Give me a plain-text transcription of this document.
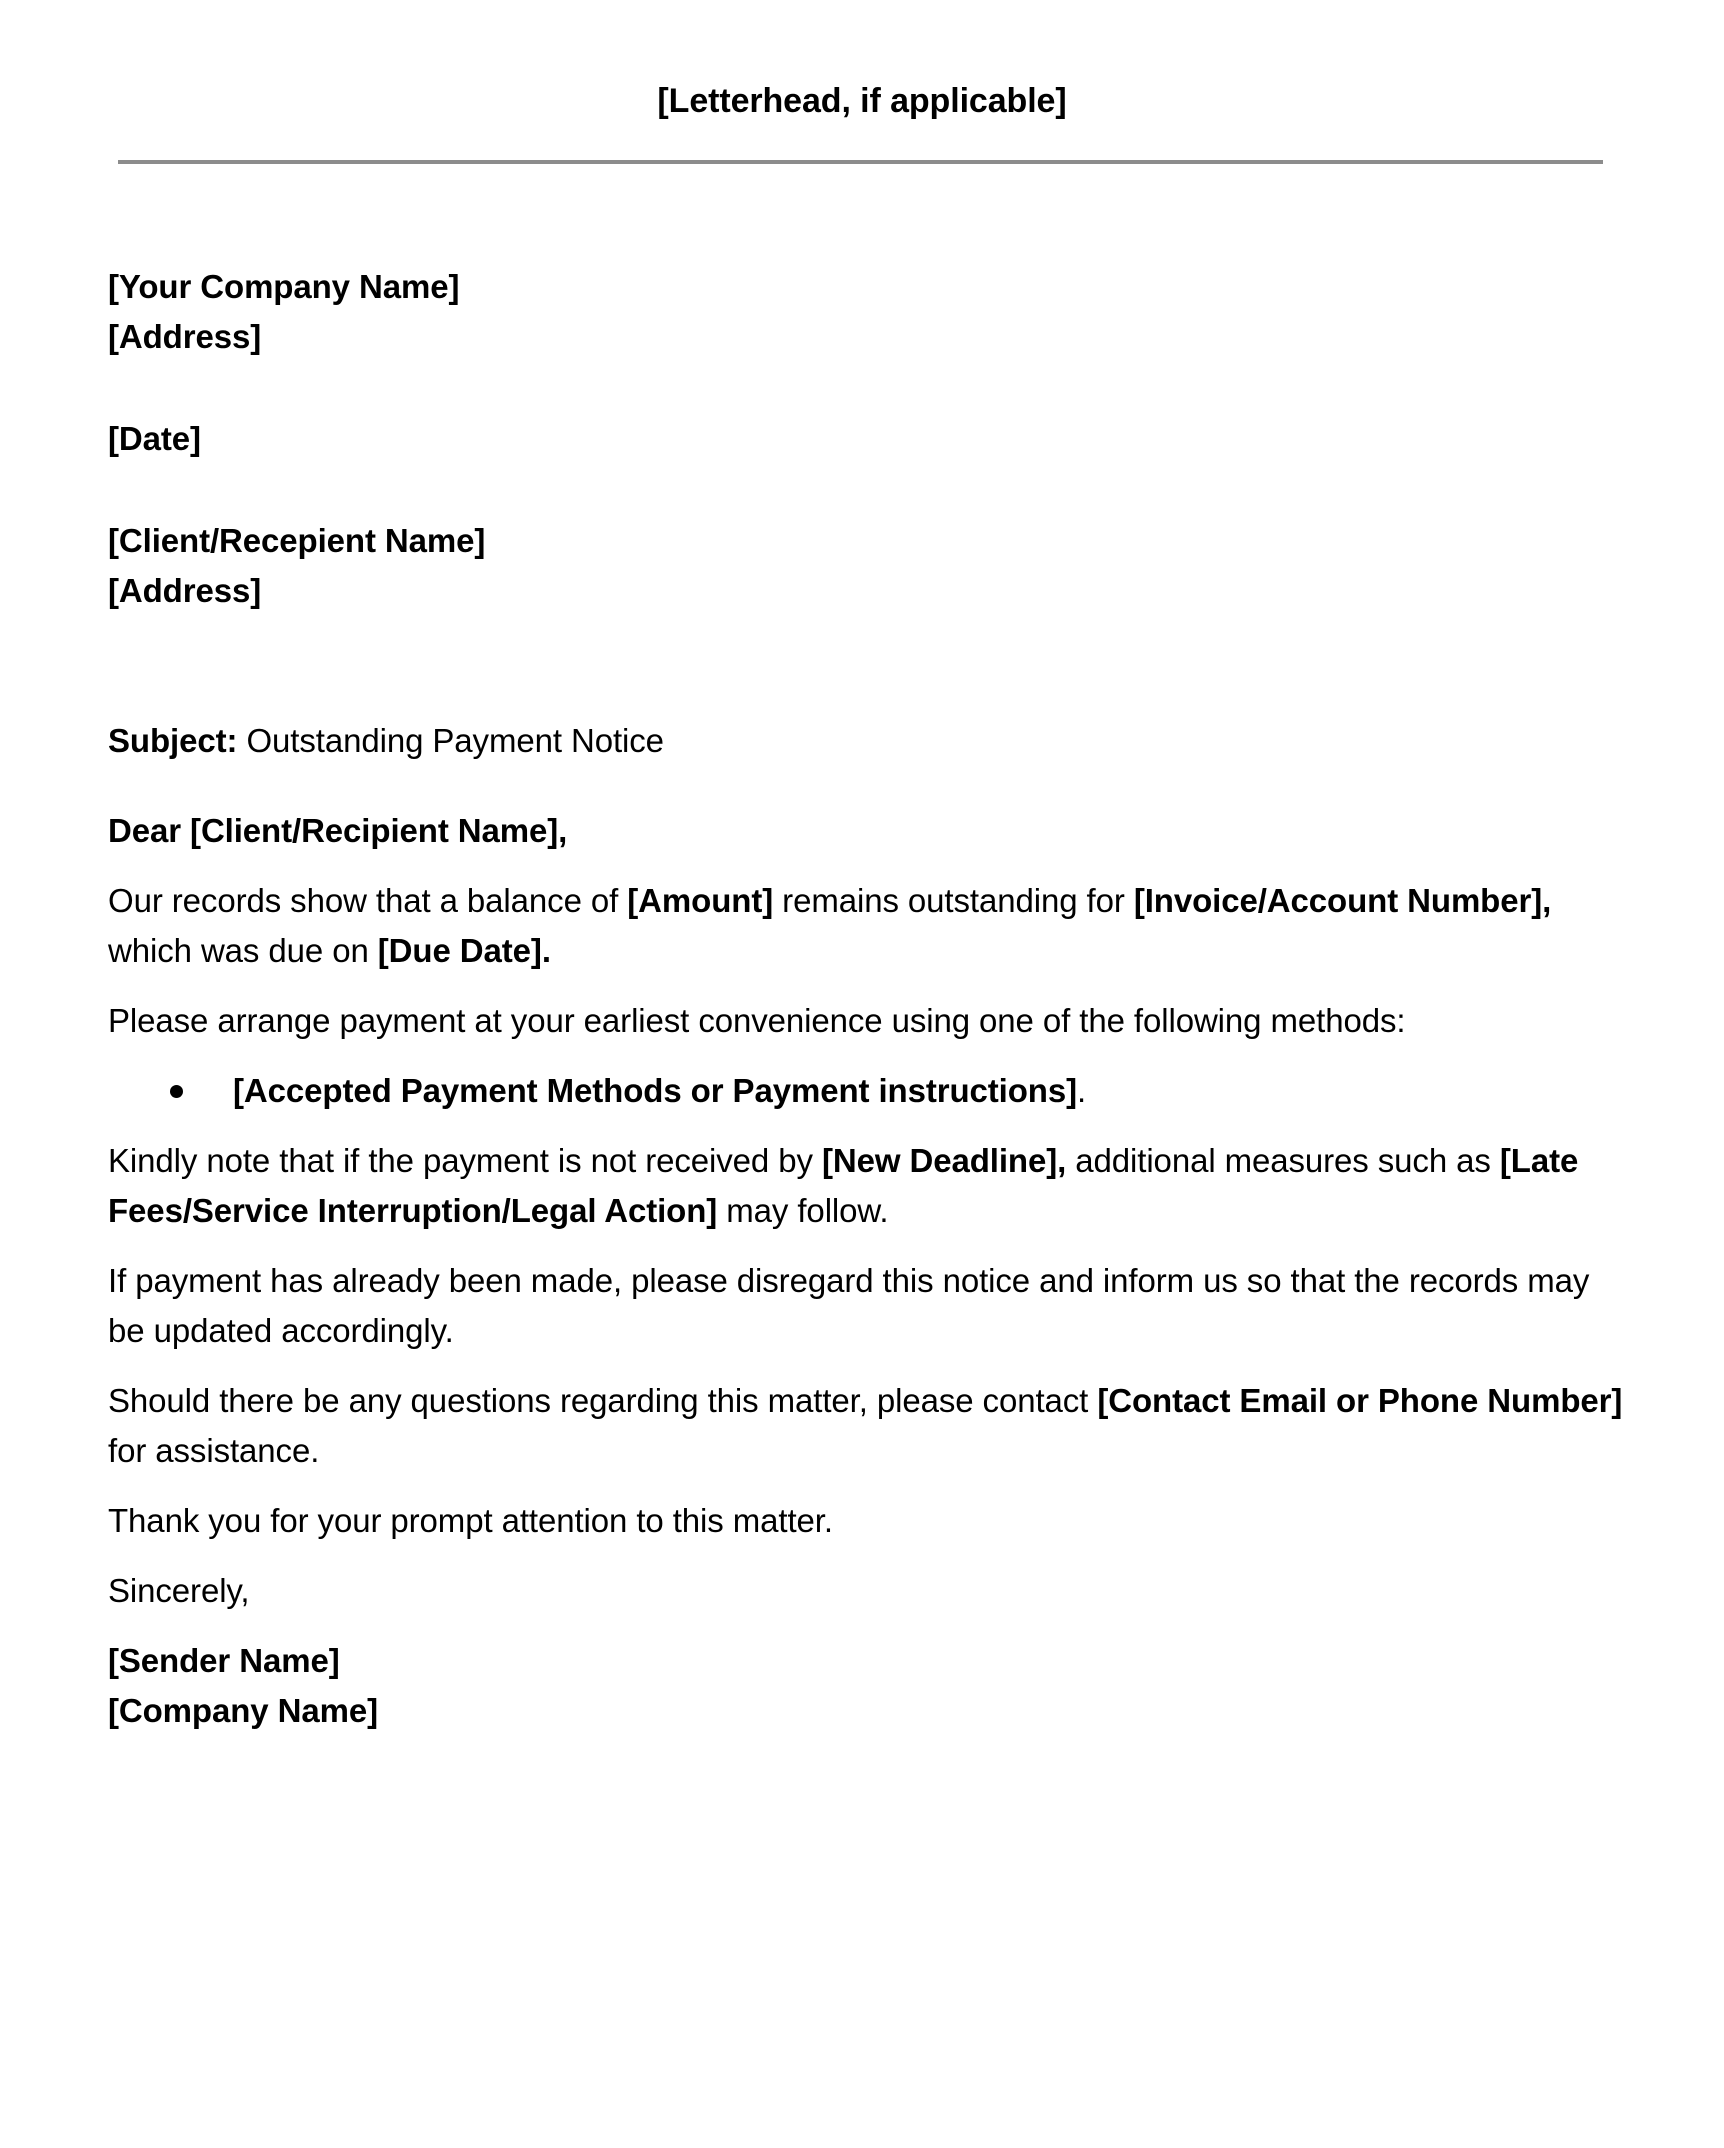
[Letterhead, if applicable]
[Your Company Name]
[Address]
[Date]
[Client/Recepient Name]
[Address]

Subject: Outstanding Payment Notice

Dear [Client/Recipient Name],

Our records show that a balance of [Amount] remains outstanding for [Invoice/Account Number], which was due on [Due Date].

Please arrange payment at your earliest convenience using one of the following methods:

[Accepted Payment Methods or Payment instructions].

Kindly note that if the payment is not received by [New Deadline], additional measures such as [Late Fees/Service Interruption/Legal Action] may follow.

If payment has already been made, please disregard this notice and inform us so that the records may be updated accordingly.

Should there be any questions regarding this matter, please contact [Contact Email or Phone Number] for assistance.

Thank you for your prompt attention to this matter.

Sincerely,

[Sender Name]
[Company Name]
